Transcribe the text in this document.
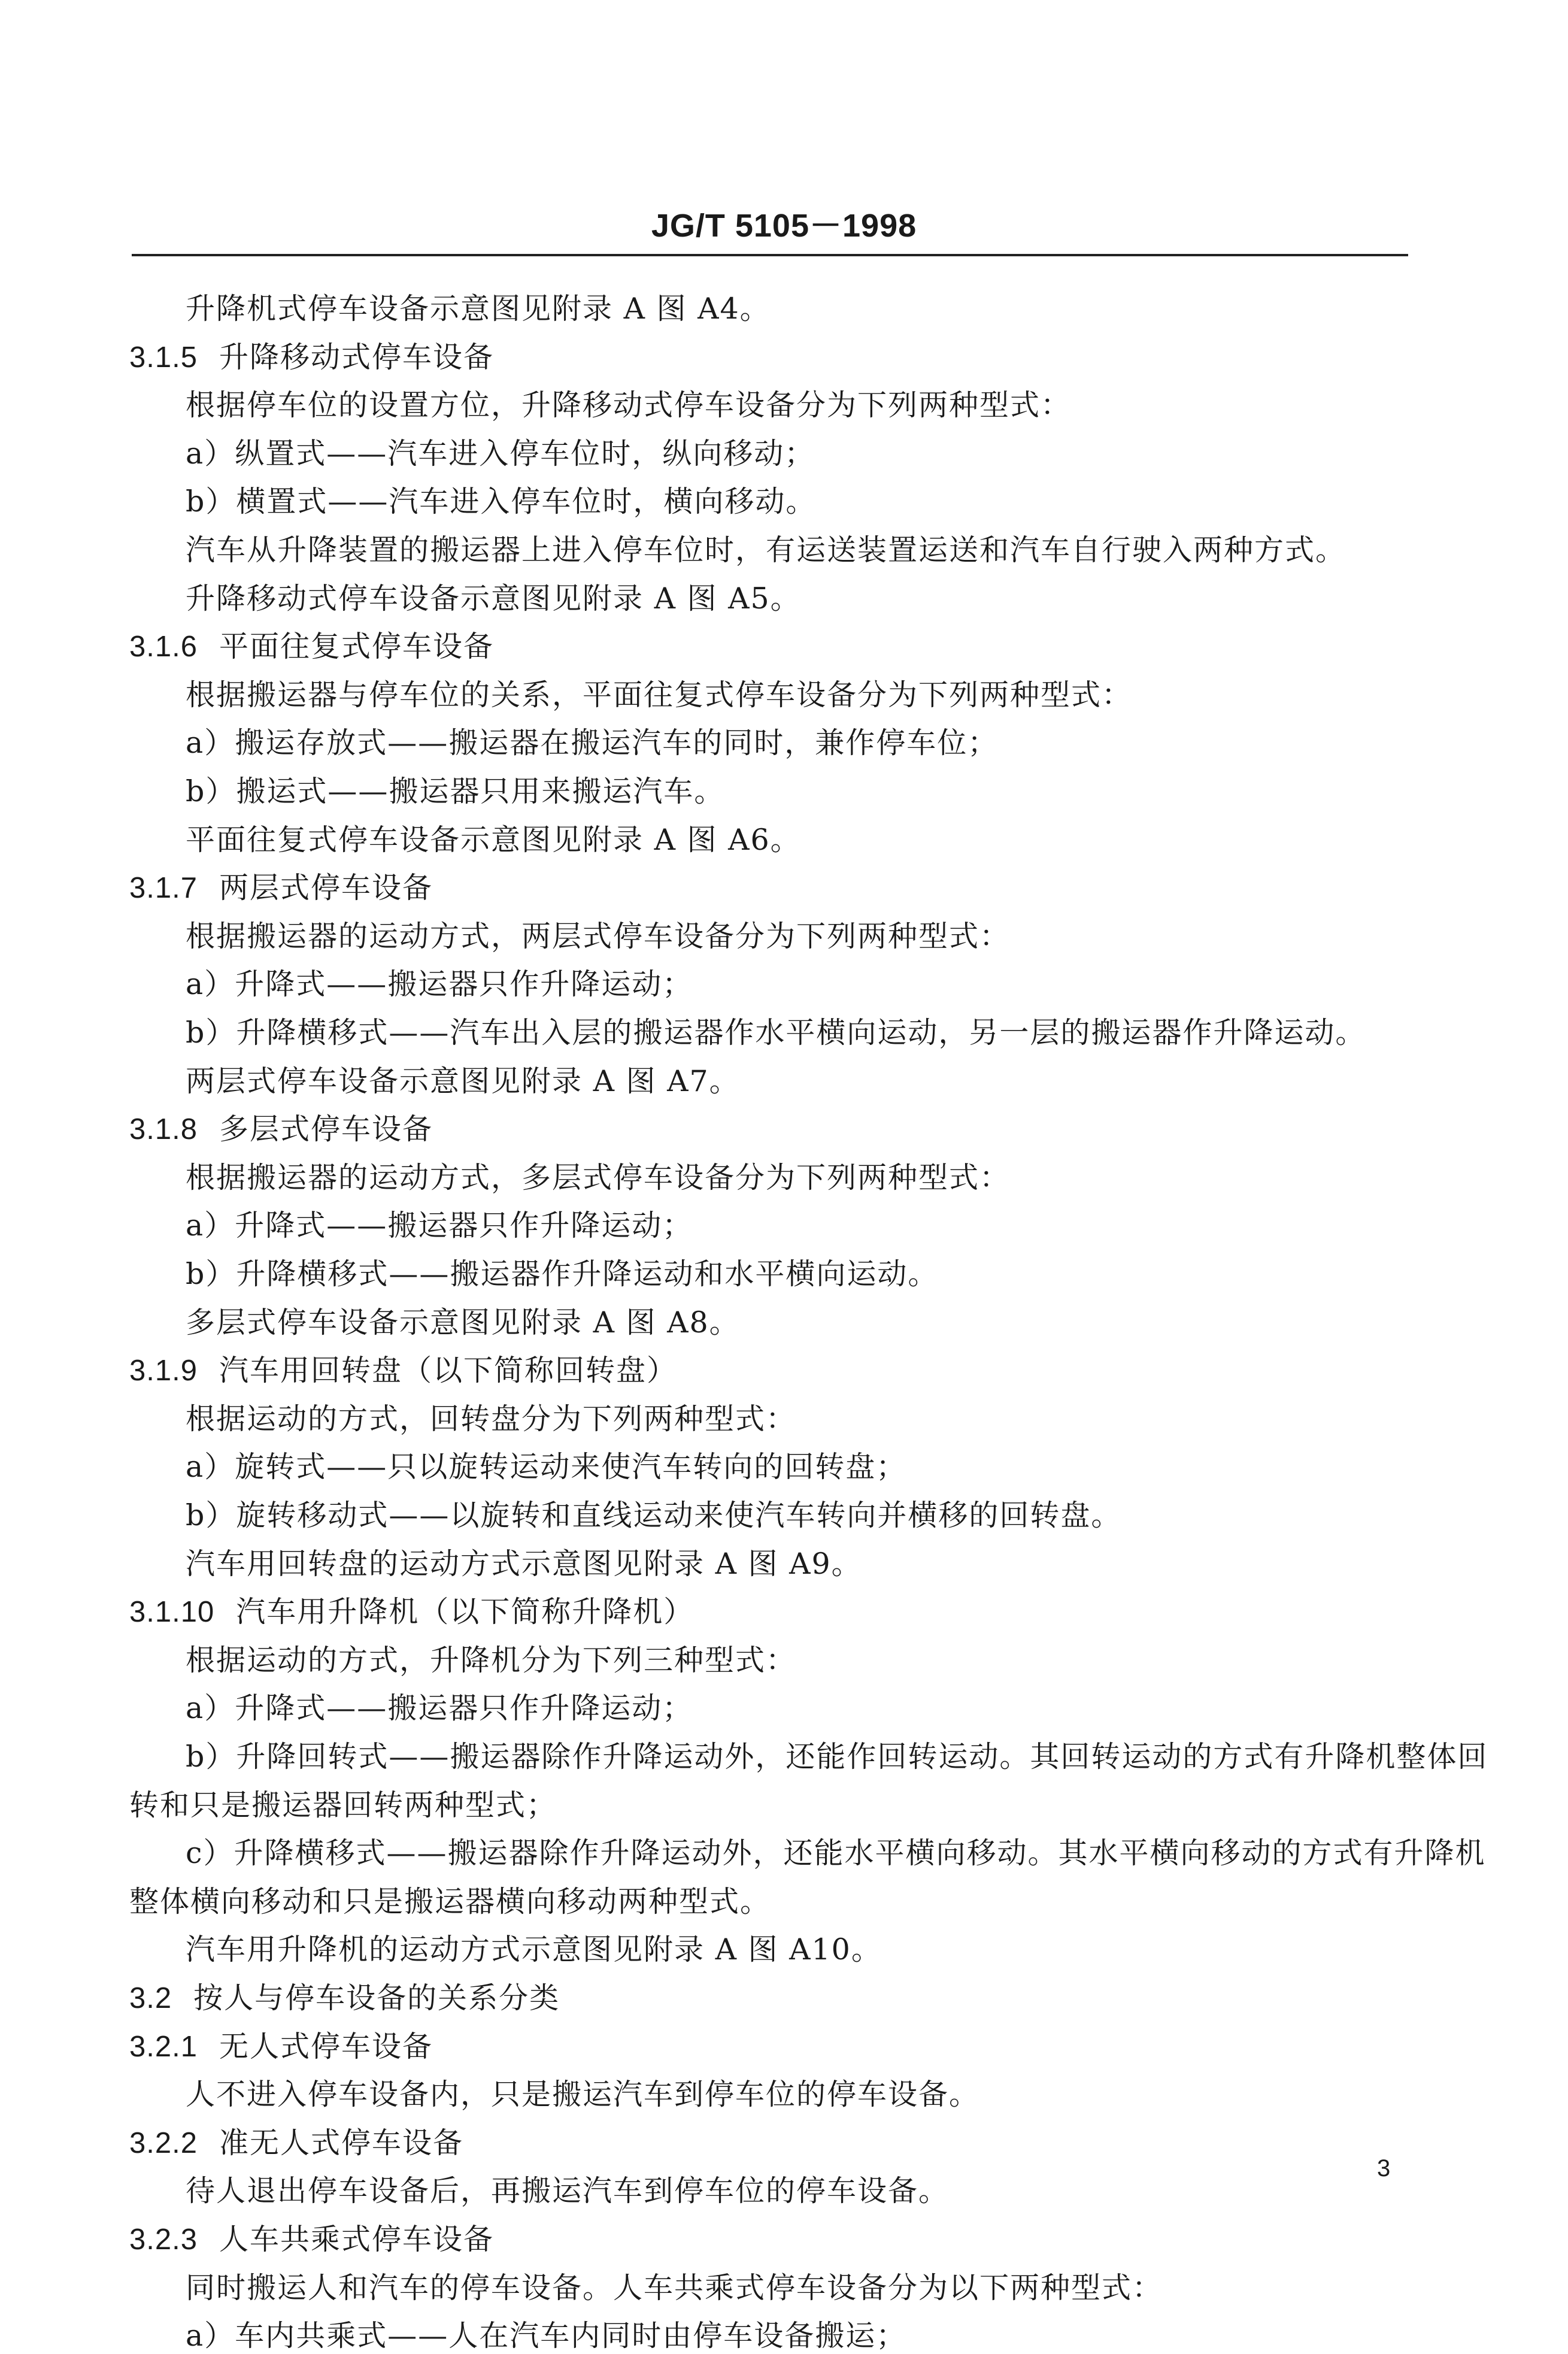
JG/T 5105－1998
升降机式停车设备示意图见附录 A 图 A4。
3.1.5 升降移动式停车设备
根据停车位的设置方位，升降移动式停车设备分为下列两种型式：
a）纵置式——汽车进入停车位时，纵向移动；
b）横置式——汽车进入停车位时，横向移动。
汽车从升降装置的搬运器上进入停车位时，有运送装置运送和汽车自行驶入两种方式。
升降移动式停车设备示意图见附录 A 图 A5。
3.1.6 平面往复式停车设备
根据搬运器与停车位的关系，平面往复式停车设备分为下列两种型式：
a）搬运存放式——搬运器在搬运汽车的同时，兼作停车位；
b）搬运式——搬运器只用来搬运汽车。
平面往复式停车设备示意图见附录 A 图 A6。
3.1.7 两层式停车设备
根据搬运器的运动方式，两层式停车设备分为下列两种型式：
a）升降式——搬运器只作升降运动；
b）升降横移式——汽车出入层的搬运器作水平横向运动，另一层的搬运器作升降运动。
两层式停车设备示意图见附录 A 图 A7。
3.1.8 多层式停车设备
根据搬运器的运动方式，多层式停车设备分为下列两种型式：
a）升降式——搬运器只作升降运动；
b）升降横移式——搬运器作升降运动和水平横向运动。
多层式停车设备示意图见附录 A 图 A8。
3.1.9 汽车用回转盘（以下简称回转盘）
根据运动的方式，回转盘分为下列两种型式：
a）旋转式——只以旋转运动来使汽车转向的回转盘；
b）旋转移动式——以旋转和直线运动来使汽车转向并横移的回转盘。
汽车用回转盘的运动方式示意图见附录 A 图 A9。
3.1.10 汽车用升降机（以下简称升降机）
根据运动的方式，升降机分为下列三种型式：
a）升降式——搬运器只作升降运动；
b）升降回转式——搬运器除作升降运动外，还能作回转运动。其回转运动的方式有升降机整体回
转和只是搬运器回转两种型式；
c）升降横移式——搬运器除作升降运动外，还能水平横向移动。其水平横向移动的方式有升降机
整体横向移动和只是搬运器横向移动两种型式。
汽车用升降机的运动方式示意图见附录 A 图 A10。
3.2 按人与停车设备的关系分类
3.2.1 无人式停车设备
人不进入停车设备内，只是搬运汽车到停车位的停车设备。
3.2.2 准无人式停车设备
待人退出停车设备后，再搬运汽车到停车位的停车设备。
3.2.3 人车共乘式停车设备
同时搬运人和汽车的停车设备。人车共乘式停车设备分为以下两种型式：
a）车内共乘式——人在汽车内同时由停车设备搬运；
3
